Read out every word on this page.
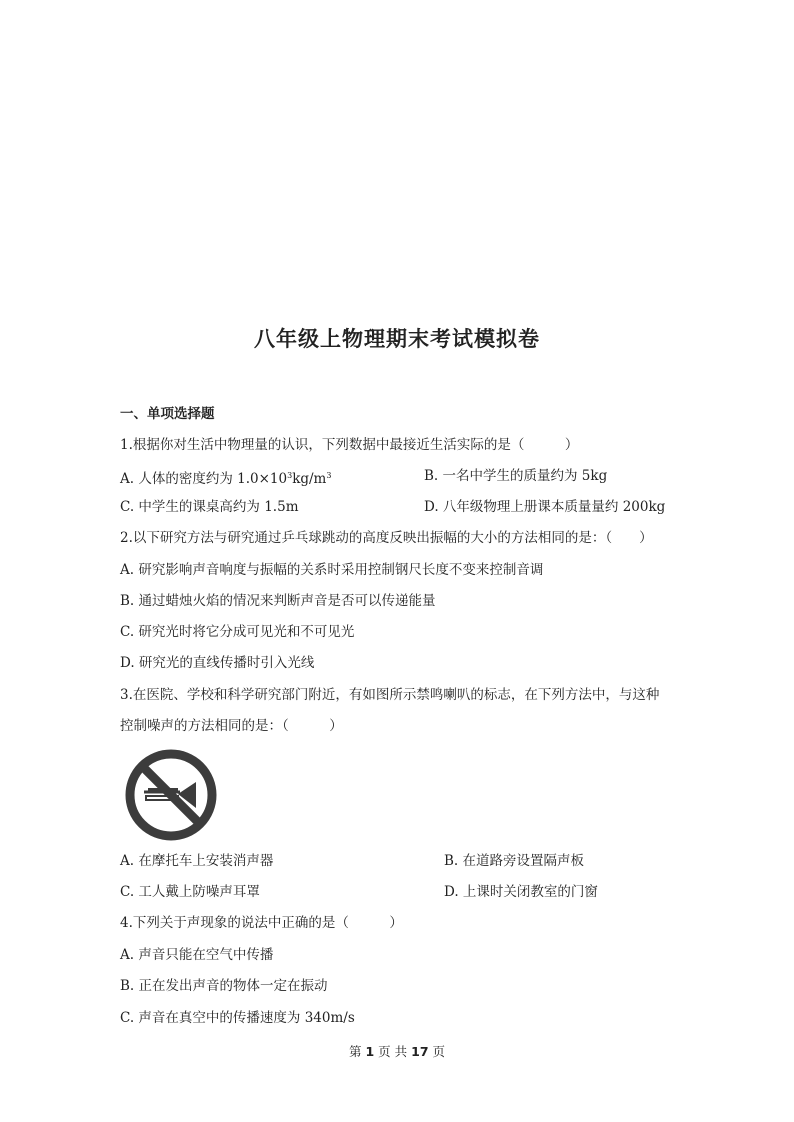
八年级上物理期末考试模拟卷
一、单项选择题
1.根据你对生活中物理量的认识，下列数据中最接近生活实际的是（　　　）
A. 人体的密度约为 $1.0\times 10^3kg/m^3$	B. 一名中学生的质量约为 5kg
C. 中学生的课桌高约为 1.5m	D. 八年级物理上册课本质量量约 200kg
2.以下研究方法与研究通过乒乓球跳动的高度反映出振幅的大小的方法相同的是：（　　）
A. 研究影响声音响度与振幅的关系时采用控制钢尺长度不变来控制音调
B. 通过蜡烛火焰的情况来判断声音是否可以传递能量
C. 研究光时将它分成可见光和不可见光
D. 研究光的直线传播时引入光线
3.在医院、学校和科学研究部门附近，有如图所示禁鸣喇叭的标志，在下列方法中，与这种
控制噪声的方法相同的是：（　　　）
A. 在摩托车上安装消声器	B. 在道路旁设置隔声板
C. 工人戴上防噪声耳罩	D. 上课时关闭教室的门窗
4.下列关于声现象的说法中正确的是（　　　）
A. 声音只能在空气中传播
B. 正在发出声音的物体一定在振动
C. 声音在真空中的传播速度为 340m/s
第 1 页 共 17 页
